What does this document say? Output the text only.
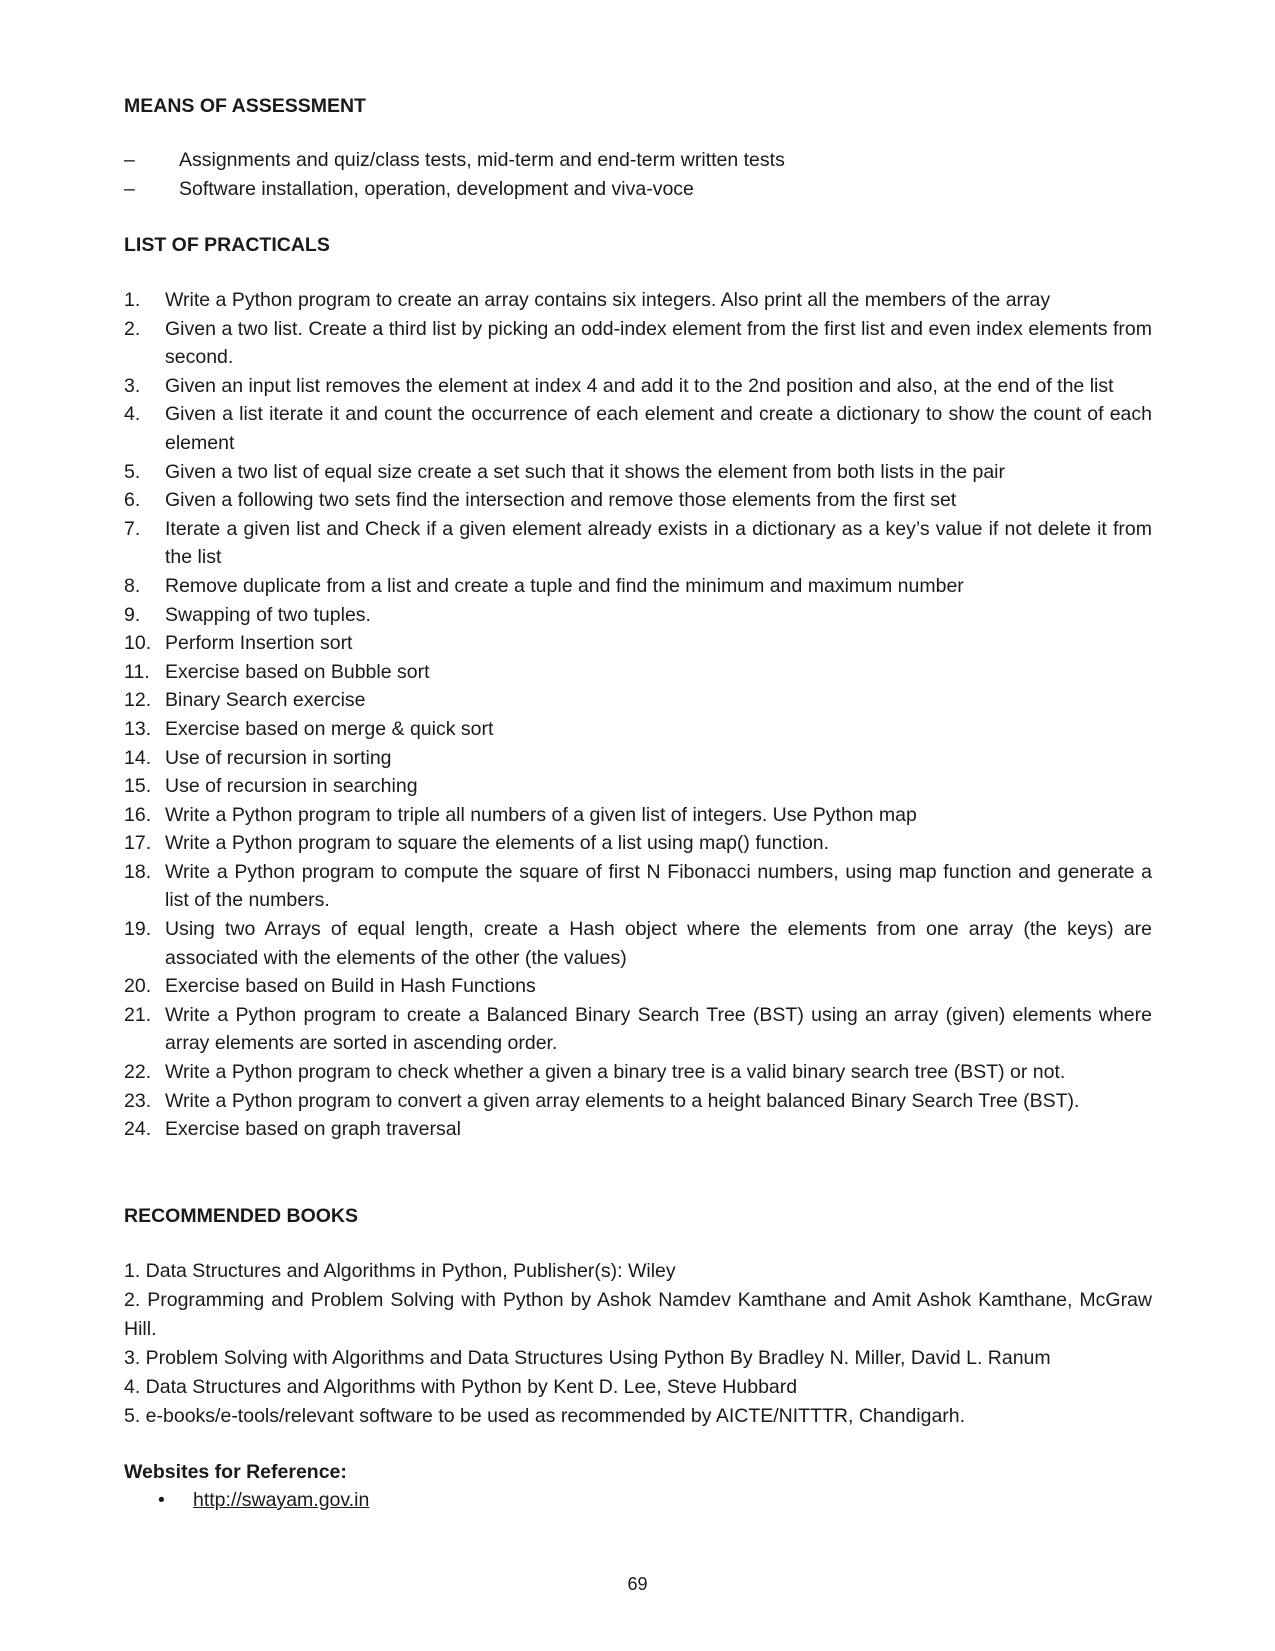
MEANS OF ASSESSMENT
– Assignments and quiz/class tests, mid-term and end-term written tests
– Software installation, operation, development and viva-voce
LIST OF PRACTICALS
1. Write a Python program to create an array contains six integers. Also print all the members of the array
2. Given a two list. Create a third list by picking an odd-index element from the first list and even index elements from second.
3. Given an input list removes the element at index 4 and add it to the 2nd position and also, at the end of the list
4. Given a list iterate it and count the occurrence of each element and create a dictionary to show the count of each element
5. Given a two list of equal size create a set such that it shows the element from both lists in the pair
6. Given a following two sets find the intersection and remove those elements from the first set
7. Iterate a given list and Check if a given element already exists in a dictionary as a key’s value if not delete it from the list
8. Remove duplicate from a list and create a tuple and find the minimum and maximum number
9. Swapping of two tuples.
10. Perform Insertion sort
11. Exercise based on Bubble sort
12. Binary Search exercise
13. Exercise based on merge & quick sort
14. Use of recursion in sorting
15. Use of recursion in searching
16. Write a Python program to triple all numbers of a given list of integers. Use Python map
17. Write a Python program to square the elements of a list using map() function.
18. Write a Python program to compute the square of first N Fibonacci numbers, using map function and generate a list of the numbers.
19. Using two Arrays of equal length, create a Hash object where the elements from one array (the keys) are associated with the elements of the other (the values)
20. Exercise based on Build in Hash Functions
21. Write a Python program to create a Balanced Binary Search Tree (BST) using an array (given) elements where array elements are sorted in ascending order.
22. Write a Python program to check whether a given a binary tree is a valid binary search tree (BST) or not.
23. Write a Python program to convert a given array elements to a height balanced Binary Search Tree (BST).
24. Exercise based on graph traversal
RECOMMENDED BOOKS
1. Data Structures and Algorithms in Python, Publisher(s): Wiley
2. Programming and Problem Solving with Python by Ashok Namdev Kamthane and Amit Ashok Kamthane, McGraw Hill.
3. Problem Solving with Algorithms and Data Structures Using Python By Bradley N. Miller, David L. Ranum
4. Data Structures and Algorithms with Python by Kent D. Lee, Steve Hubbard
5. e-books/e-tools/relevant software to be used as recommended by AICTE/NITTTR, Chandigarh.
Websites for Reference:
• http://swayam.gov.in
69
